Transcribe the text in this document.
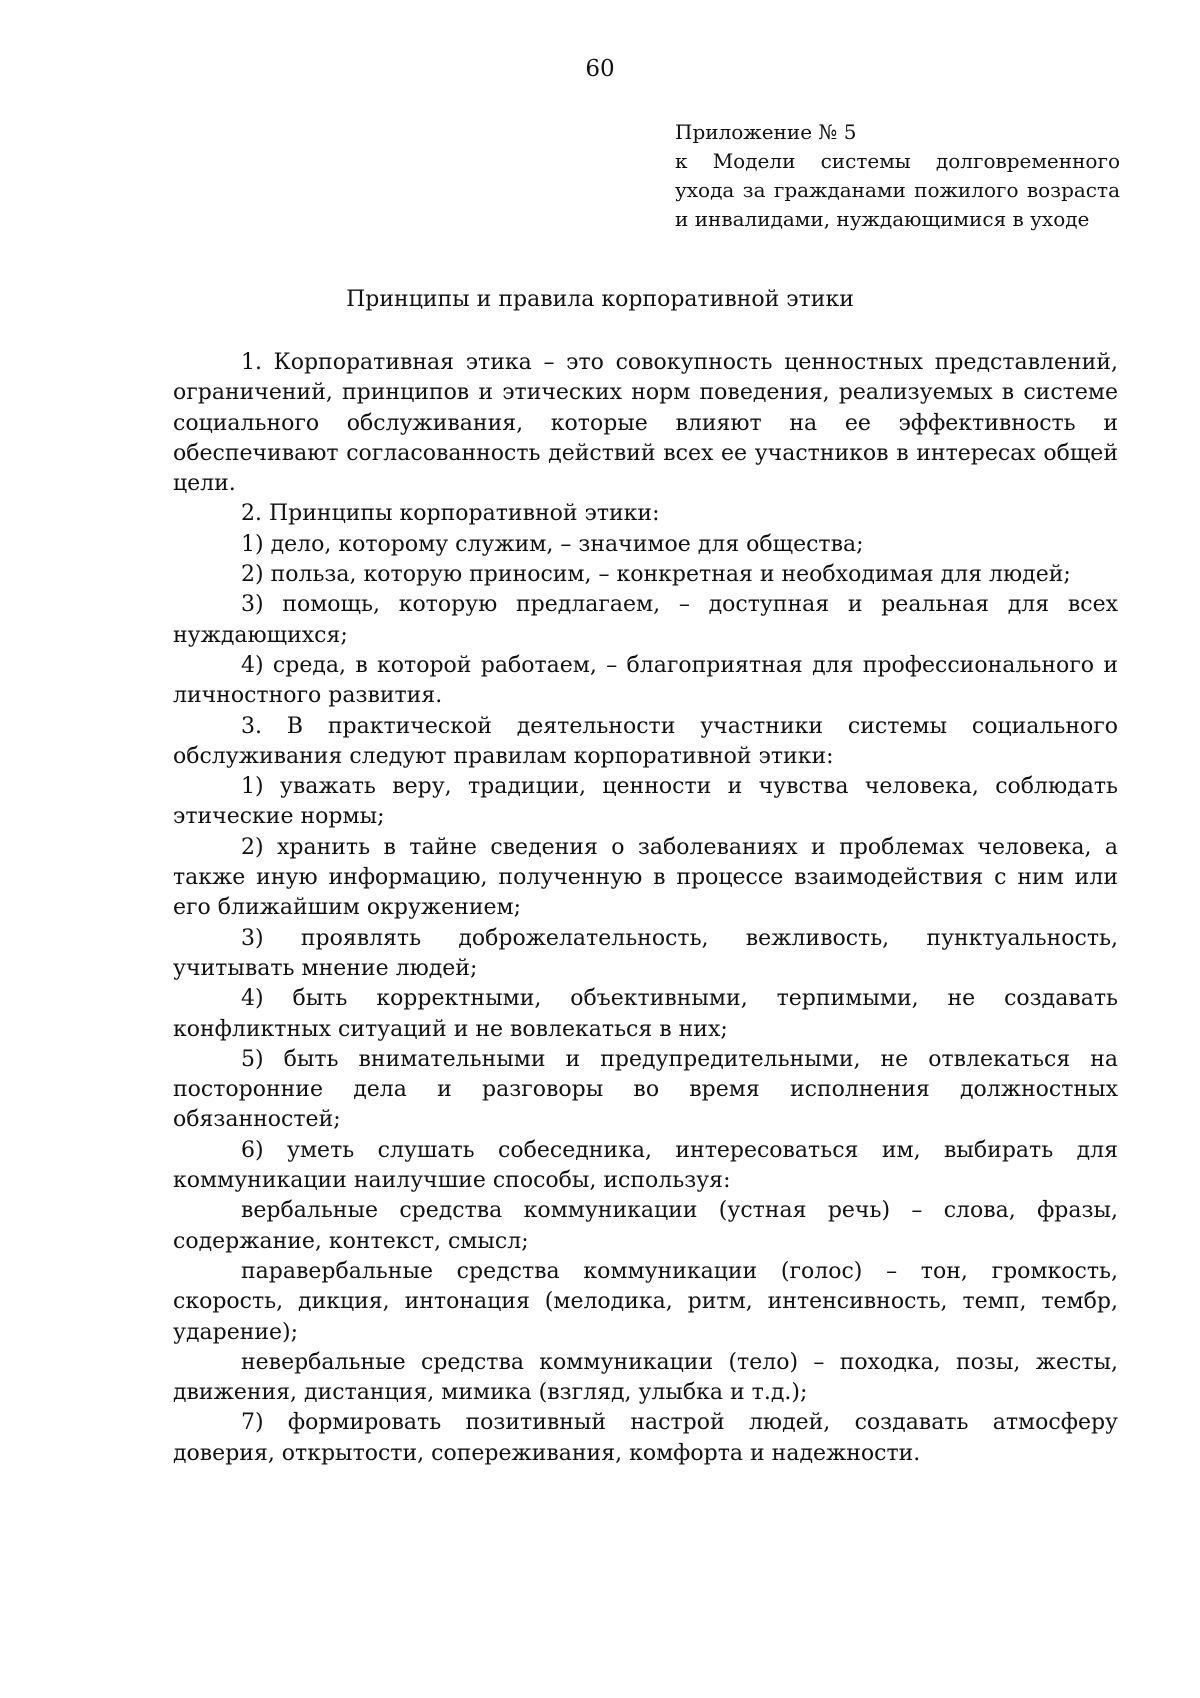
60
Приложение № 5
к Модели системы долговременного
ухода за гражданами пожилого возраста
и инвалидами, нуждающимися в уходе
Принципы и правила корпоративной этики

1. Корпоративная этика – это совокупность ценностных представлений, ограничений, принципов и этических норм поведения, реализуемых в системе социального обслуживания, которые влияют на ее эффективность и обеспечивают согласованность действий всех ее участников в интересах общей цели.

2. Принципы корпоративной этики:

1) дело, которому служим, – значимое для общества;

2) польза, которую приносим, – конкретная и необходимая для людей;

3) помощь, которую предлагаем, – доступная и реальная для всех нуждающихся;

4) среда, в которой работаем, – благоприятная для профессионального и личностного развития.

3. В практической деятельности участники системы социального обслуживания следуют правилам корпоративной этики:

1) уважать веру, традиции, ценности и чувства человека, соблюдать этические нормы;

2) хранить в тайне сведения о заболеваниях и проблемах человека, а также иную информацию, полученную в процессе взаимодействия с ним или его ближайшим окружением;

3) проявлять доброжелательность, вежливость, пунктуальность, учитывать мнение людей;

4) быть корректными, объективными, терпимыми, не создавать конфликтных ситуаций и не вовлекаться в них;

5) быть внимательными и предупредительными, не отвлекаться на посторонние дела и разговоры во время исполнения должностных обязанностей;

6) уметь слушать собеседника, интересоваться им, выбирать для коммуникации наилучшие способы, используя:

вербальные средства коммуникации (устная речь) – слова, фразы, содержание, контекст, смысл;

паравербальные средства коммуникации (голос) – тон, громкость, скорость, дикция, интонация (мелодика, ритм, интенсивность, темп, тембр, ударение);

невербальные средства коммуникации (тело) – походка, позы, жесты, движения, дистанция, мимика (взгляд, улыбка и т.д.);

7) формировать позитивный настрой людей, создавать атмосферу доверия, открытости, сопереживания, комфорта и надежности.
